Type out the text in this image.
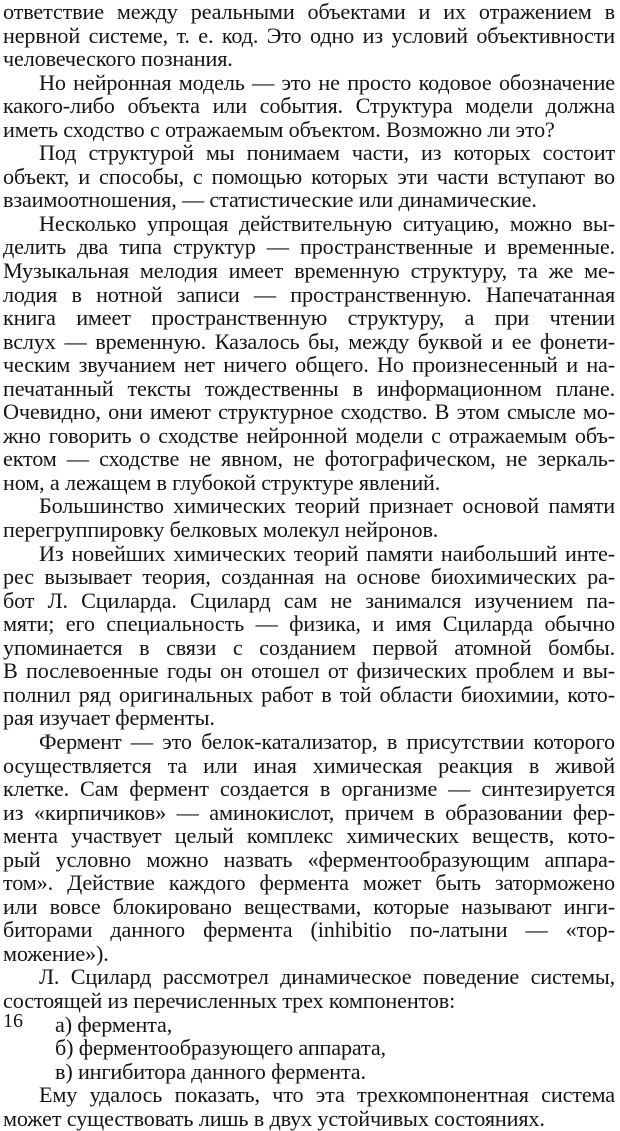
ответствие между реальными объектами и их отражением в
нервной системе, т. е. код. Это одно из условий объективности
человеческого познания.
Но нейронная модель — это не просто кодовое обозначение
какого-либо объекта или события. Структура модели должна
иметь сходство с отражаемым объектом. Возможно ли это?
Под структурой мы понимаем части, из которых состоит
объект, и способы, с помощью которых эти части вступают во
взаимоотношения, — статистические или динамические.
Несколько упрощая действительную ситуацию, можно вы-
делить два типа структур — пространственные и временные.
Музыкальная мелодия имеет временную структуру, та же ме-
лодия в нотной записи — пространственную. Напечатанная
книга имеет пространственную структуру, а при чтении
вслух — временную. Казалось бы, между буквой и ее фонети-
ческим звучанием нет ничего общего. Но произнесенный и на-
печатанный тексты тождественны в информационном плане.
Очевидно, они имеют структурное сходство. В этом смысле мо-
жно говорить о сходстве нейронной модели с отражаемым объ-
ектом — сходстве не явном, не фотографическом, не зеркаль-
ном, а лежащем в глубокой структуре явлений.
Большинство химических теорий признает основой памяти
перегруппировку белковых молекул нейронов.
Из новейших химических теорий памяти наибольший инте-
рес вызывает теория, созданная на основе биохимических ра-
бот Л. Сциларда. Сцилард сам не занимался изучением па-
мяти; его специальность — физика, и имя Сциларда обычно
упоминается в связи с созданием первой атомной бомбы.
В послевоенные годы он отошел от физических проблем и вы-
полнил ряд оригинальных работ в той области биохимии, кото-
рая изучает ферменты.
Фермент — это белок-катализатор, в присутствии которого
осуществляется та или иная химическая реакция в живой
клетке. Сам фермент создается в организме — синтезируется
из «кирпичиков» — аминокислот, причем в образовании фер-
мента участвует целый комплекс химических веществ, кото-
рый условно можно назвать «ферментообразующим аппара-
том». Действие каждого фермента может быть заторможено
или вовсе блокировано веществами, которые называют инги-
биторами данного фермента (inhibitio по-латыни — «тор-
можение»).
Л. Сцилард рассмотрел динамическое поведение системы,
состоящей из перечисленных трех компонентов:
а) фермента,
б) ферментообразующего аппарата,
в) ингибитора данного фермента.
Ему удалось показать, что эта трехкомпонентная система
может существовать лишь в двух устойчивых состояниях.
16
